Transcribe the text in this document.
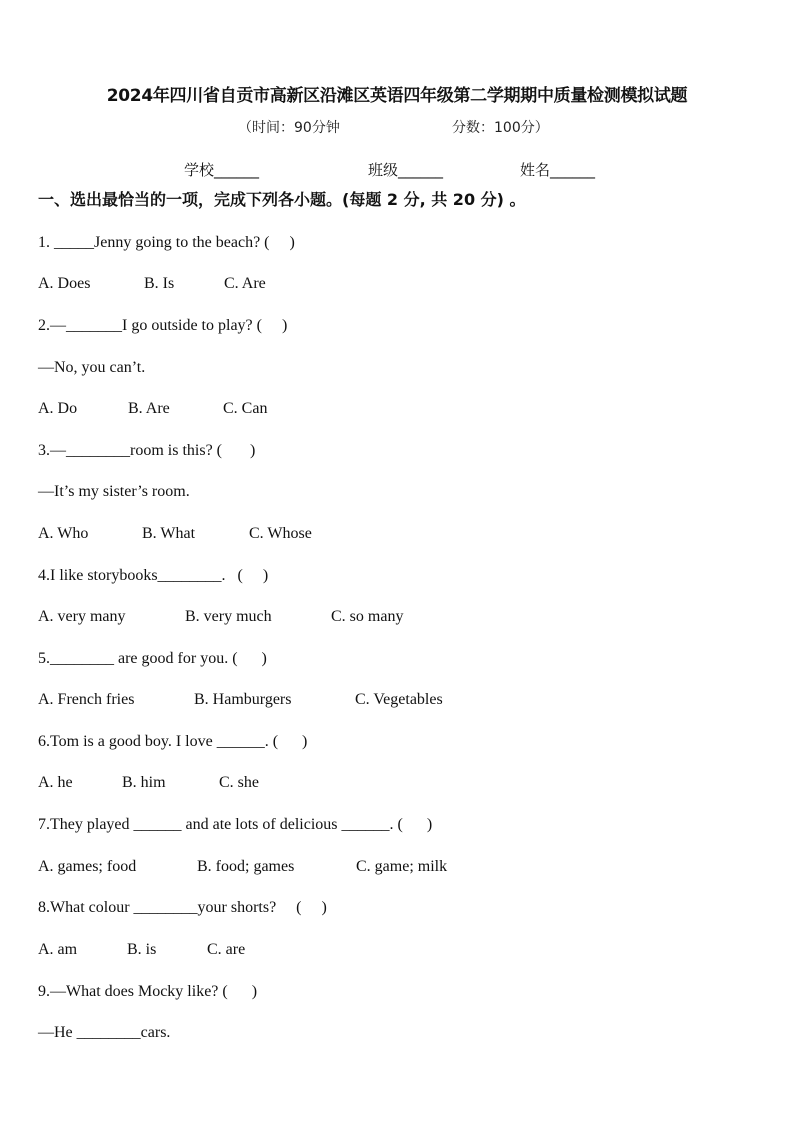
2024年四川省自贡市高新区沿滩区英语四年级第二学期期中质量检测模拟试题
（时间：90分钟	分数：100分）
学校______	班级______	姓名______
一、选出最恰当的一项，完成下列各小题。(每题 2 分, 共 20 分) 。
1. _____Jenny going to the beach? (     )
A. Does	B. Is	C. Are
2.—_______I go outside to play? (     )
—No, you can’t.
A. Do	B. Are	C. Can
3.—________room is this? (       )
—It’s my sister’s room.
A. Who	B. What	C. Whose
4.I like storybooks________.   (     )
A. very many	B. very much	C. so many
5.________ are good for you. (      )
A. French fries	B. Hamburgers	C. Vegetables
6.Tom is a good boy. I love ______. (      )
A. he	B. him	C. she
7.They played ______ and ate lots of delicious ______. (      )
A. games; food	B. food; games	C. game; milk
8.What colour ________your shorts?     (     )
A. am	B. is	C. are
9.—What does Mocky like? (      )
—He ________cars.
